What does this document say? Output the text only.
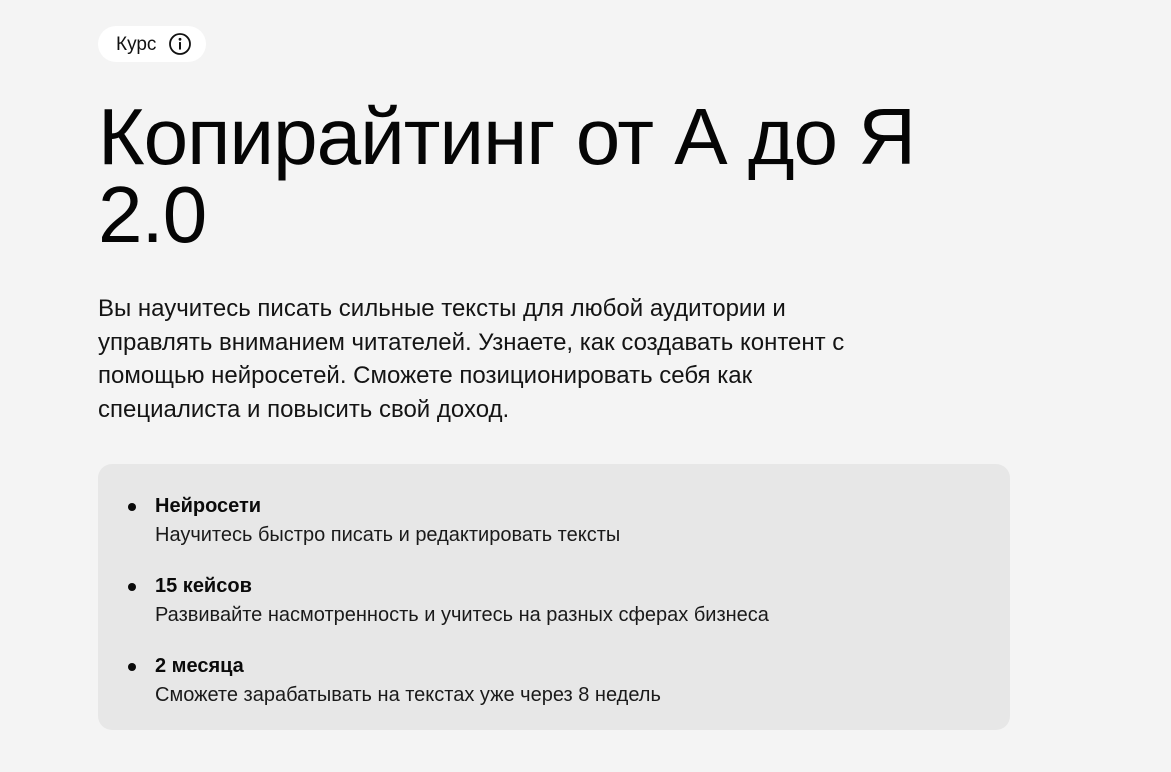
Курс
Копирайтинг от А до Я
2.0

Вы научитесь писать сильные тексты для любой аудитории и управлять вниманием читателей. Узнаете, как создавать контент с помощью нейросетей. Сможете позиционировать себя как специалиста и повысить свой доход.

Нейросети
Научитесь быстро писать и редактировать тексты
15 кейсов
Развивайте насмотренность и учитесь на разных сферах бизнеса
2 месяца
Сможете зарабатывать на текстах уже через 8 недель
